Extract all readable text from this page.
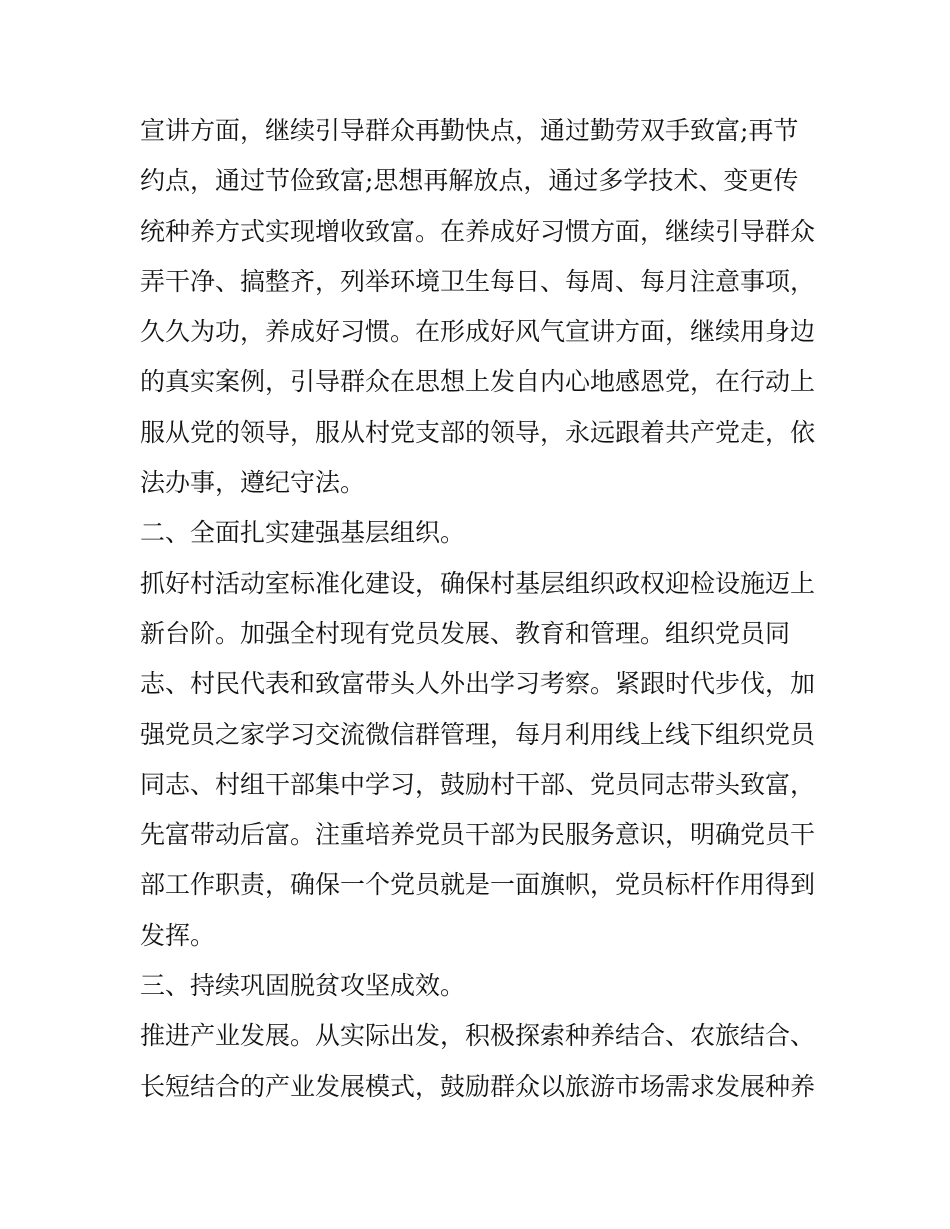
宣讲方面，继续引导群众再勤快点，通过勤劳双手致富;再节
约点，通过节俭致富;思想再解放点，通过多学技术、变更传
统种养方式实现增收致富。在养成好习惯方面，继续引导群众
弄干净、搞整齐，列举环境卫生每日、每周、每月注意事项，
久久为功，养成好习惯。在形成好风气宣讲方面，继续用身边
的真实案例，引导群众在思想上发自内心地感恩党，在行动上
服从党的领导，服从村党支部的领导，永远跟着共产党走，依
法办事，遵纪守法。
二、全面扎实建强基层组织。
抓好村活动室标准化建设，确保村基层组织政权迎检设施迈上
新台阶。加强全村现有党员发展、教育和管理。组织党员同
志、村民代表和致富带头人外出学习考察。紧跟时代步伐，加
强党员之家学习交流微信群管理，每月利用线上线下组织党员
同志、村组干部集中学习，鼓励村干部、党员同志带头致富，
先富带动后富。注重培养党员干部为民服务意识，明确党员干
部工作职责，确保一个党员就是一面旗帜，党员标杆作用得到
发挥。
三、持续巩固脱贫攻坚成效。
推进产业发展。从实际出发，积极探索种养结合、农旅结合、
长短结合的产业发展模式，鼓励群众以旅游市场需求发展种养
